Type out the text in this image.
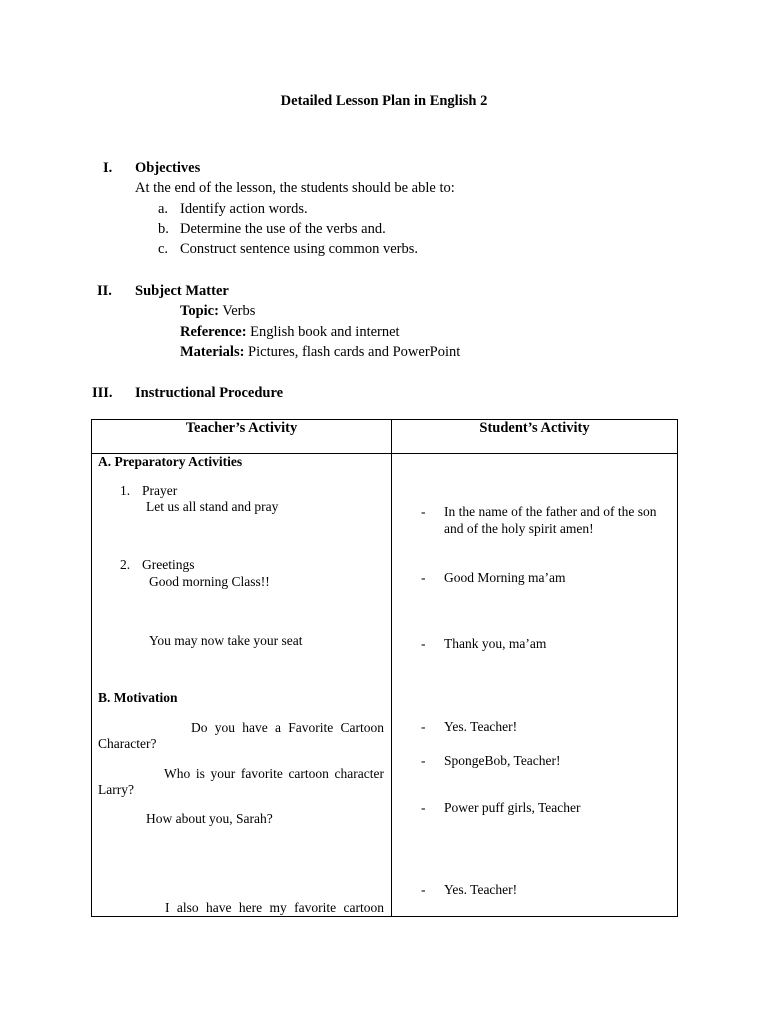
Detailed Lesson Plan in English 2
I. Objectives
At the end of the lesson, the students should be able to:
a. Identify action words.
b. Determine the use of the verbs and.
c. Construct sentence using common verbs.
II. Subject Matter
Topic: Verbs
Reference: English book and internet
Materials: Pictures, flash cards and PowerPoint
III. Instructional Procedure
Teacher’s Activity	Student’s Activity
A. Preparatory Activities
1. Prayer
Let us all stand and pray
2. Greetings
Good morning Class!!
You may now take your seat
B. Motivation
Do you have a Favorite Cartoon
Character?
Who is your favorite cartoon character
Larry?
How about you, Sarah?
I also have here my favorite cartoon
- In the name of the father and of the son
and of the holy spirit amen!
- Good Morning ma’am
- Thank you, ma’am
- Yes. Teacher!
- SpongeBob, Teacher!
- Power puff girls, Teacher
- Yes. Teacher!
